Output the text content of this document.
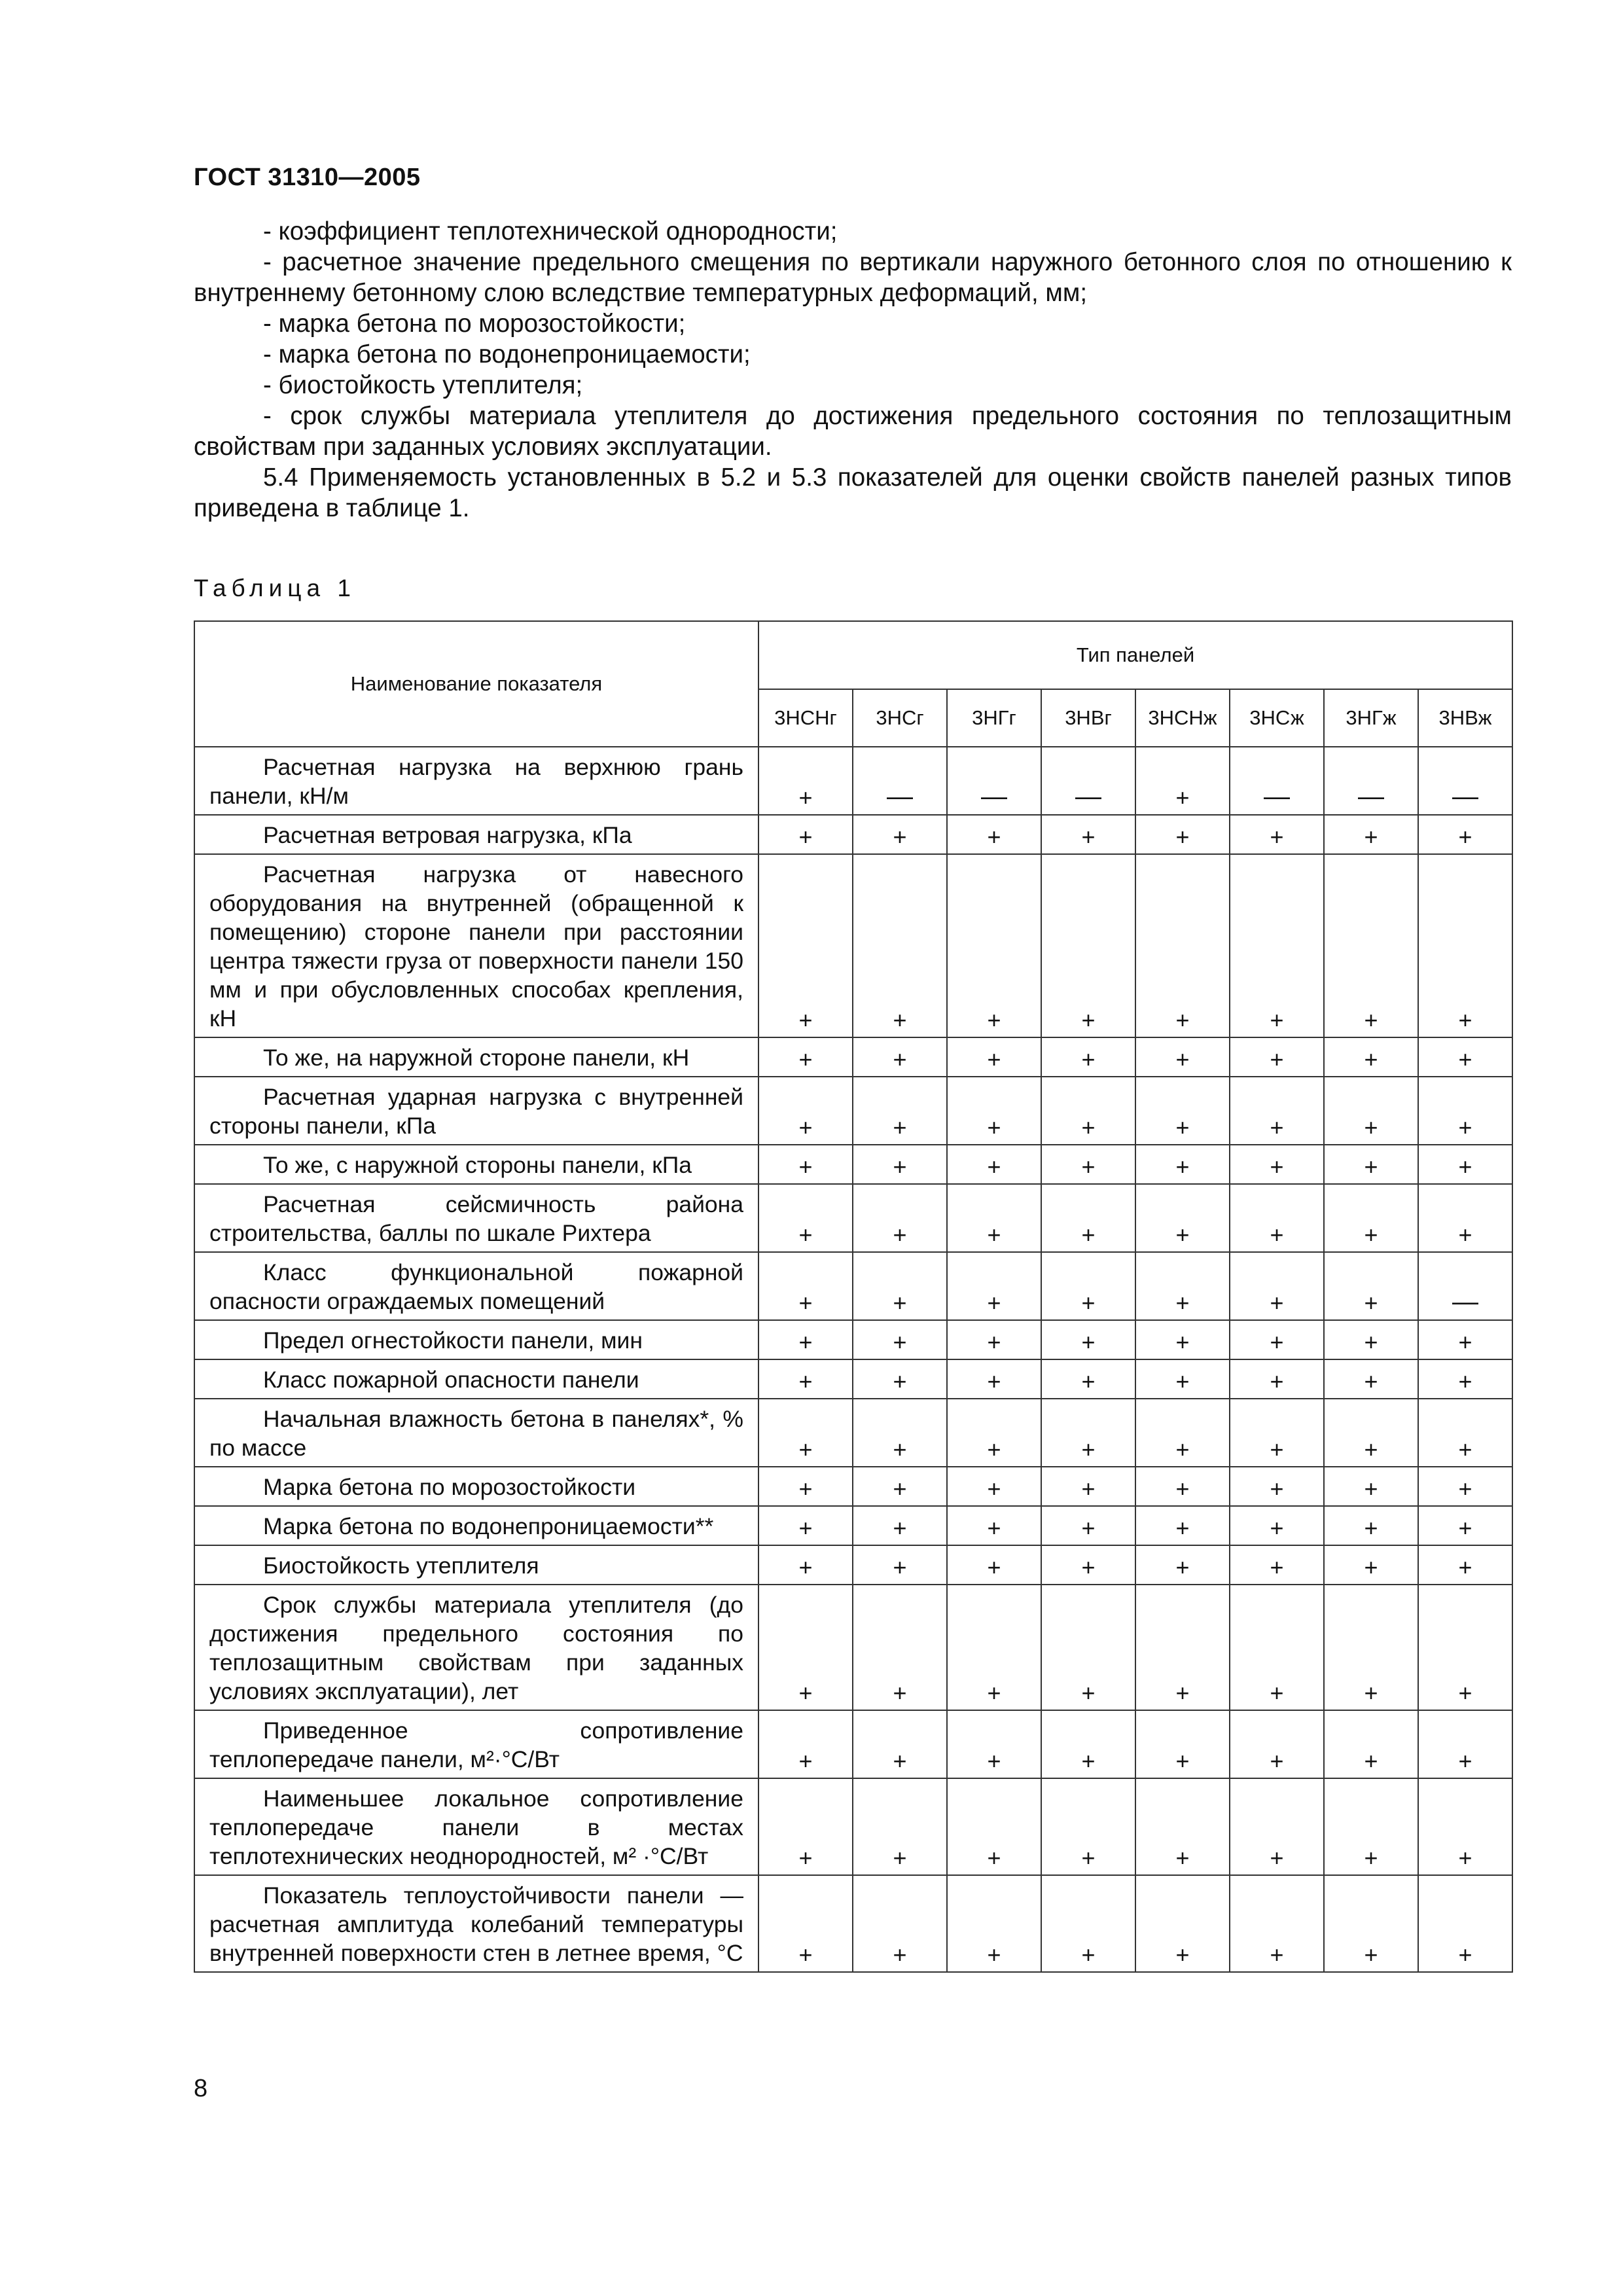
ГОСТ 31310—2005

- коэффициент теплотехнической однородности;

- расчетное значение предельного смещения по вертикали наружного бетонного слоя по отношению к внутреннему бетонному слою вследствие температурных деформаций, мм;

- марка бетона по морозостойкости;

- марка бетона по водонепроницаемости;

- биостойкость утеплителя;

- срок службы материала утеплителя до достижения предельного состояния по теплозащитным свойствам при заданных условиях эксплуатации.

5.4 Применяемость установленных в 5.2 и 5.3 показателей для оценки свойств панелей разных типов приведена в таблице 1.

Таблица 1
Наименование показателя	Тип панелей							
	3НСНг	3НСг	3НГг	3НВг	3НСНж	3НСж	3НГж	3НВж

Расчетная нагрузка на верхнюю грань панели, кН/м	+	—	—	—	+	—	—	—

Расчетная ветровая нагрузка, кПа	+	+	+	+	+	+	+	+

Расчетная нагрузка от навесного оборудования на внутренней (обращенной к помещению) стороне панели при расстоянии центра тяжести груза от поверхности панели 150 мм и при обусловленных способах крепления, кН	+	+	+	+	+	+	+	+

То же, на наружной стороне панели, кН	+	+	+	+	+	+	+	+

Расчетная ударная нагрузка с внутренней стороны панели, кПа	+	+	+	+	+	+	+	+

То же, с наружной стороны панели, кПа	+	+	+	+	+	+	+	+

Расчетная сейсмичность района строительства, баллы по шкале Рихтера	+	+	+	+	+	+	+	+

Класс функциональной пожарной опасности ограждаемых помещений	+	+	+	+	+	+	+	—

Предел огнестойкости панели, мин	+	+	+	+	+	+	+	+

Класс пожарной опасности панели	+	+	+	+	+	+	+	+

Начальная влажность бетона в панелях*, % по массе	+	+	+	+	+	+	+	+

Марка бетона по морозостойкости	+	+	+	+	+	+	+	+

Марка бетона по водонепроницаемости**	+	+	+	+	+	+	+	+

Биостойкость утеплителя	+	+	+	+	+	+	+	+

Срок службы материала утеплителя (до достижения предельного состояния по теплозащитным свойствам при заданных условиях эксплуатации), лет	+	+	+	+	+	+	+	+

Приведенное сопротивление теплопередаче панели, м²·°С/Вт	+	+	+	+	+	+	+	+

Наименьшее локальное сопротивление теплопередаче панели в местах теплотехнических неоднородностей, м² ·°С/Вт	+	+	+	+	+	+	+	+

Показатель теплоустойчивости панели — расчетная амплитуда колебаний температуры внутренней поверхности стен в летнее время, °С	+	+	+	+	+	+	+	+
8
